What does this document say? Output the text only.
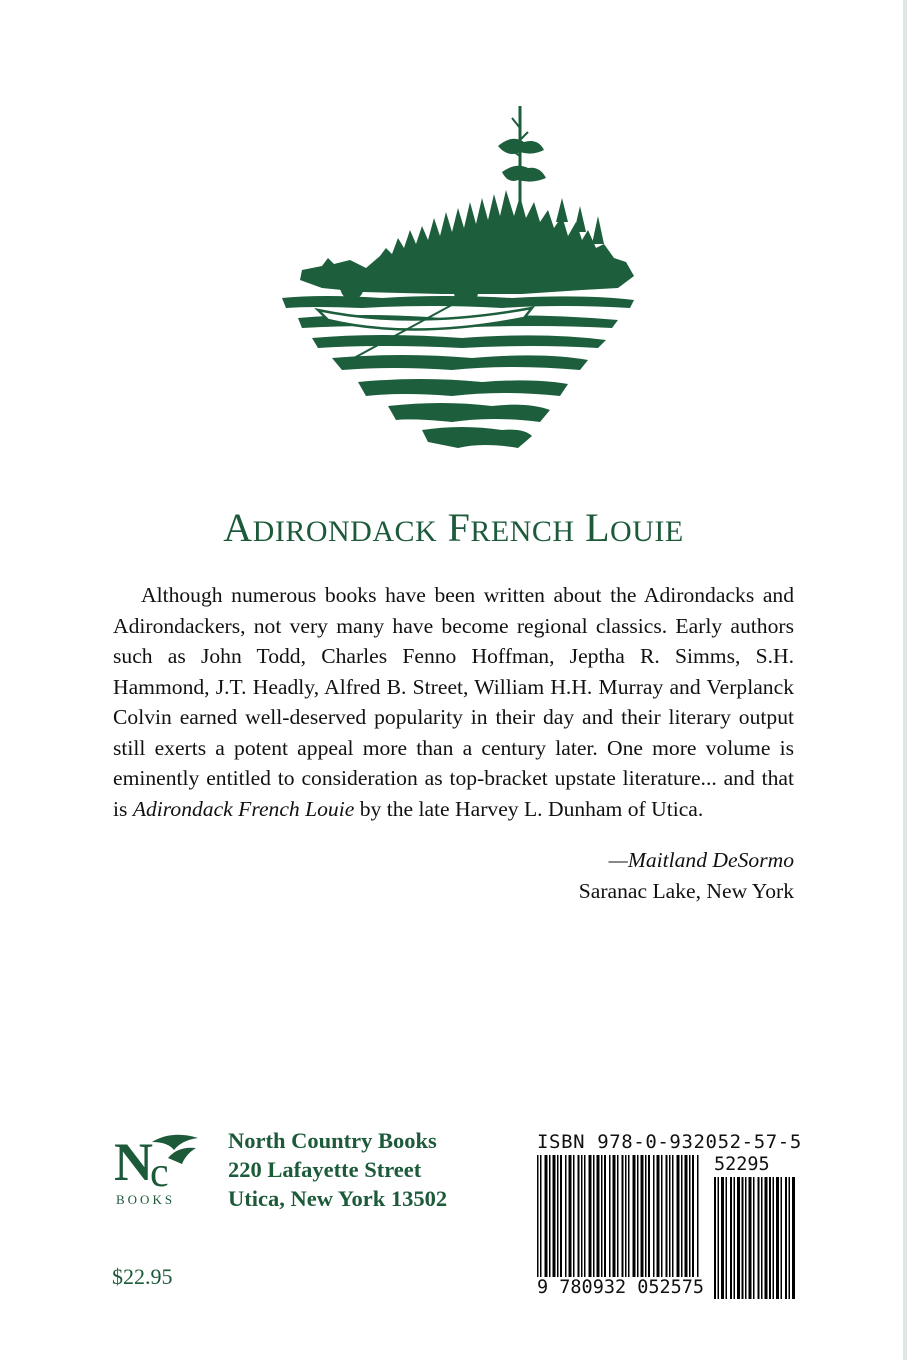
ADIRONDACK FRENCH LOUIE

Although numerous books have been written about the Adirondacks and Adirondackers, not very many have become regional classics. Early authors such as John Todd, Charles Fenno Hoffman, Jeptha R. Simms, S.H. Hammond, J.T. Headly, Alfred B. Street, William H.H. Murray and Verplanck Colvin earned well-deserved popularity in their day and their literary output still exerts a potent appeal more than a century later. One more volume is eminently entitled to consideration as top-bracket upstate literature... and that is Adirondack French Louie by the late Harvey L. Dunham of Utica.

—Maitland DeSormo
Saranac Lake, New York
N
c
BOOKS
North Country Books
220 Lafayette Street
Utica, New York 13502
$22.95
ISBN 978-0-932052-57-5
52295
9 780932 052575
